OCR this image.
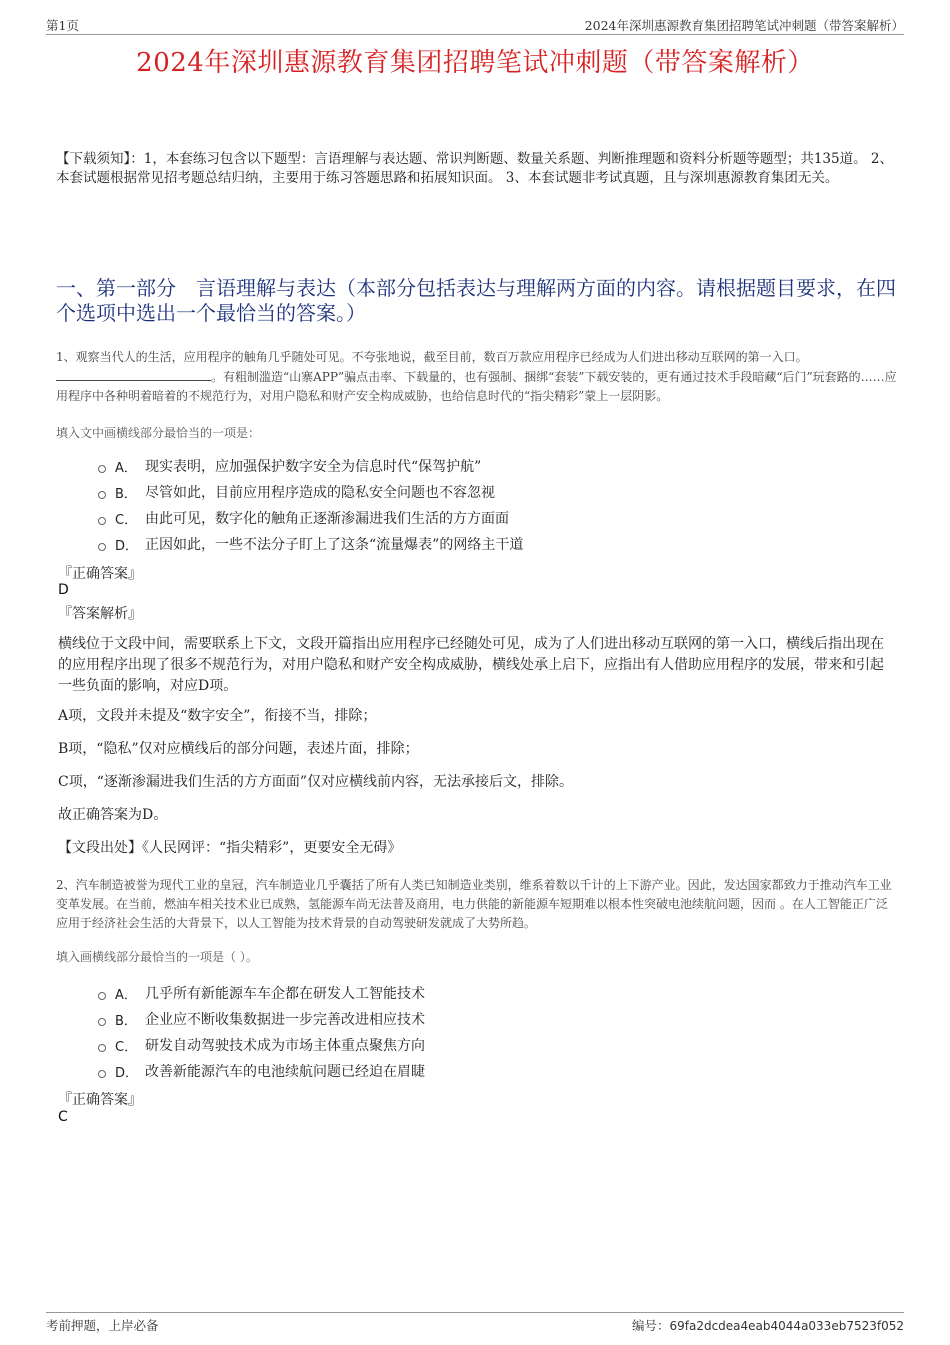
第1页	2024年深圳惠源教育集团招聘笔试冲刺题（带答案解析）
2024年深圳惠源教育集团招聘笔试冲刺题（带答案解析）
【下载须知】：1，本套练习包含以下题型：言语理解与表达题、常识判断题、数量关系题、判断推理题和资料分析题等题型；共135道。 2、本套试题根据常见招考题总结归纳，主要用于练习答题思路和拓展知识面。 3、本套试题非考试真题，且与深圳惠源教育集团无关。
一、第一部分　言语理解与表达（本部分包括表达与理解两方面的内容。请根据题目要求，在四个选项中选出一个最恰当的答案。）
1、观察当代人的生活，应用程序的触角几乎随处可见。不夸张地说，截至目前，数百万款应用程序已经成为人们进出移动互联网的第一入口。
。有粗制滥造“山寨APP”骗点击率、下载量的，也有强制、捆绑“套装”下载安装的，更有通过技术手段暗藏“后门”玩套路的……应用程序中各种明着暗着的不规范行为，对用户隐私和财产安全构成威胁，也给信息时代的“指尖精彩”蒙上一层阴影。
填入文中画横线部分最恰当的一项是：
A． 现实表明，应加强保护数字安全为信息时代“保驾护航”
B． 尽管如此，目前应用程序造成的隐私安全问题也不容忽视
C． 由此可见，数字化的触角正逐渐渗漏进我们生活的方方面面
D． 正因如此，一些不法分子盯上了这条“流量爆表”的网络主干道
『正确答案』
D
『答案解析』
横线位于文段中间，需要联系上下文，文段开篇指出应用程序已经随处可见，成为了人们进出移动互联网的第一入口，横线后指出现在的应用程序出现了很多不规范行为，对用户隐私和财产安全构成威胁，横线处承上启下，应指出有人借助应用程序的发展，带来和引起一些负面的影响，对应D项。
A项，文段并未提及“数字安全”，衔接不当，排除；
B项，“隐私”仅对应横线后的部分问题，表述片面，排除；
C项，“逐渐渗漏进我们生活的方方面面”仅对应横线前内容，无法承接后文，排除。
故正确答案为D。
【文段出处】《人民网评：“指尖精彩”，更要安全无碍》
2、汽车制造被誉为现代工业的皇冠，汽车制造业几乎囊括了所有人类已知制造业类别，维系着数以千计的上下游产业。因此，发达国家都致力于推动汽车工业变革发展。在当前，燃油车相关技术业已成熟，氢能源车尚无法普及商用，电力供能的新能源车短期难以根本性突破电池续航问题，因而 。在人工智能正广泛应用于经济社会生活的大背景下，以人工智能为技术背景的自动驾驶研发就成了大势所趋。
填入画横线部分最恰当的一项是（ ）。
A． 几乎所有新能源车车企都在研发人工智能技术
B． 企业应不断收集数据进一步完善改进相应技术
C． 研发自动驾驶技术成为市场主体重点聚焦方向
D． 改善新能源汽车的电池续航问题已经迫在眉睫
『正确答案』
C
考前押题，上岸必备	编号：69fa2dcdea4eab4044a033eb7523f052
